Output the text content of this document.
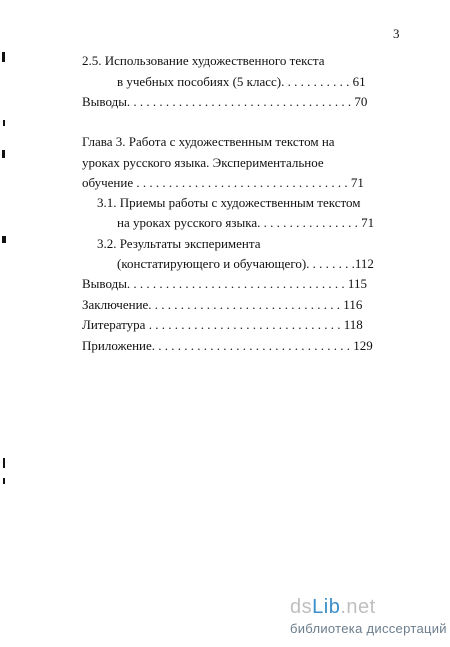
3
2.5. Использование художественного текста
в учебных пособиях (5 класс). . . . . . . . . . . 61
Выводы. . . . . . . . . . . . . . . . . . . . . . . . . . . . . . . . . . . 70
Глава 3. Работа с художественным текстом на
уроках русского языка. Экспериментальное
обучение . . . . . . . . . . . . . . . . . . . . . . . . . . . . . . . . . 71
3.1. Приемы работы с художественным текстом
на уроках русского языка. . . . . . . . . . . . . . . . 71
3.2. Результаты эксперимента
(констатирующего и обучающего). . . . . . . .112
Выводы. . . . . . . . . . . . . . . . . . . . . . . . . . . . . . . . . . 115
Заключение. . . . . . . . . . . . . . . . . . . . . . . . . . . . . . 116
Литература . . . . . . . . . . . . . . . . . . . . . . . . . . . . . . 118
Приложение. . . . . . . . . . . . . . . . . . . . . . . . . . . . . . . 129
dsLib.net
библиотека диссертаций
